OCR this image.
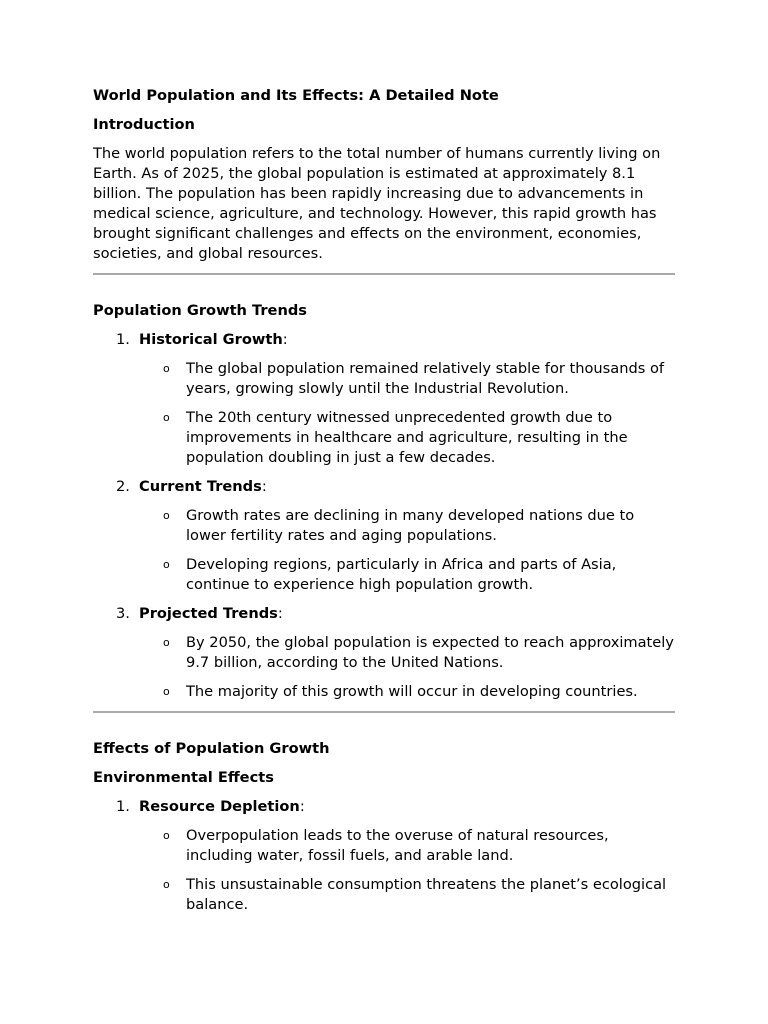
World Population and Its Effects: A Detailed Note

Introduction

The world population refers to the total number of humans currently living on Earth. As of 2025, the global population is estimated at approximately 8.1 billion. The population has been rapidly increasing due to advancements in medical science, agriculture, and technology. However, this rapid growth has brought significant challenges and effects on the environment, economies, societies, and global resources.

Population Growth Trends

1. Historical Growth:
o The global population remained relatively stable for thousands of years, growing slowly until the Industrial Revolution.
o The 20th century witnessed unprecedented growth due to improvements in healthcare and agriculture, resulting in the population doubling in just a few decades.
2. Current Trends:
o Growth rates are declining in many developed nations due to lower fertility rates and aging populations.
o Developing regions, particularly in Africa and parts of Asia, continue to experience high population growth.
3. Projected Trends:
o By 2050, the global population is expected to reach approximately 9.7 billion, according to the United Nations.
o The majority of this growth will occur in developing countries.

Effects of Population Growth

Environmental Effects

1. Resource Depletion:
o Overpopulation leads to the overuse of natural resources, including water, fossil fuels, and arable land.
o This unsustainable consumption threatens the planet’s ecological balance.
